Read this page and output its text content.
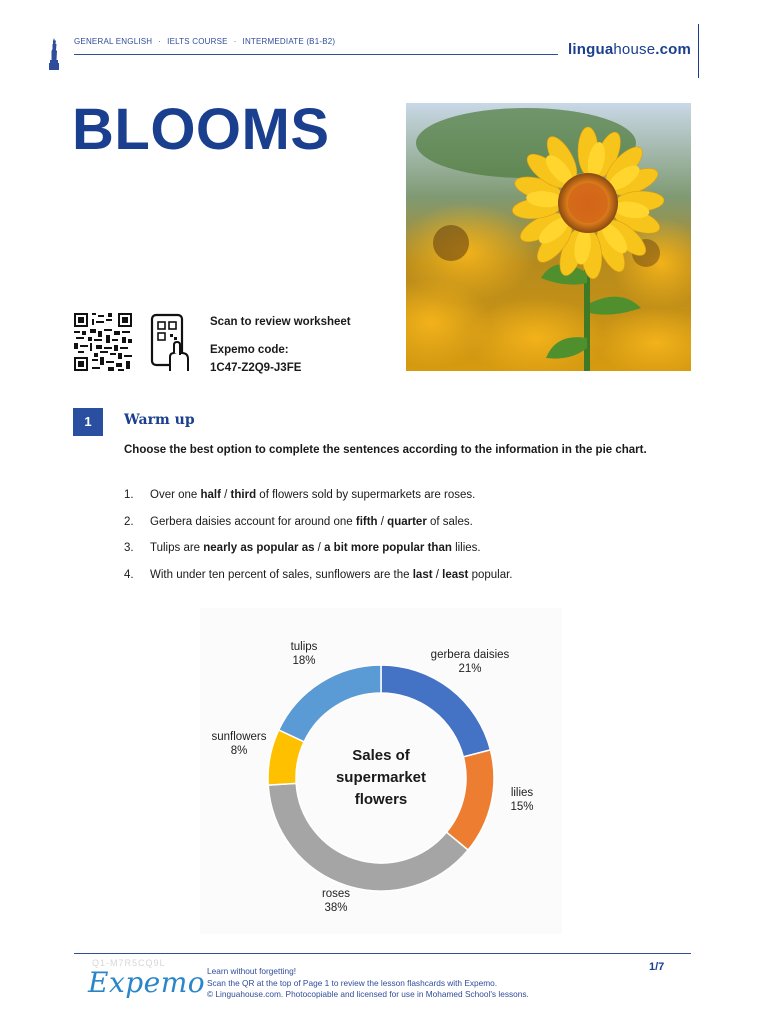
GENERAL ENGLISH · IELTS COURSE · INTERMEDIATE (B1-B2)	linguahouse.com
BLOOMS
Scan to review worksheet
Expemo code:
1C47-Z2Q9-J3FE
1	Warm up
Choose the best option to complete the sentences according to the information in the pie chart.
1. Over one half / third of flowers sold by supermarkets are roses.
2. Gerbera daisies account for around one fifth / quarter of sales.
3. Tulips are nearly as popular as / a bit more popular than lilies.
4. With under ten percent of sales, sunflowers are the last / least popular.
gerbera daisies
21%
lilies
15%
roses
38%
sunflowers
8%
tulips
18%
Sales of
supermarket
flowers
Q1-M7R5CQ9L
Expemo Learn without forgetting!
Scan the QR at the top of Page 1 to review the lesson flashcards with Expemo.
© Linguahouse.com. Photocopiable and licensed for use in Mohamed School's lessons.
1/7
